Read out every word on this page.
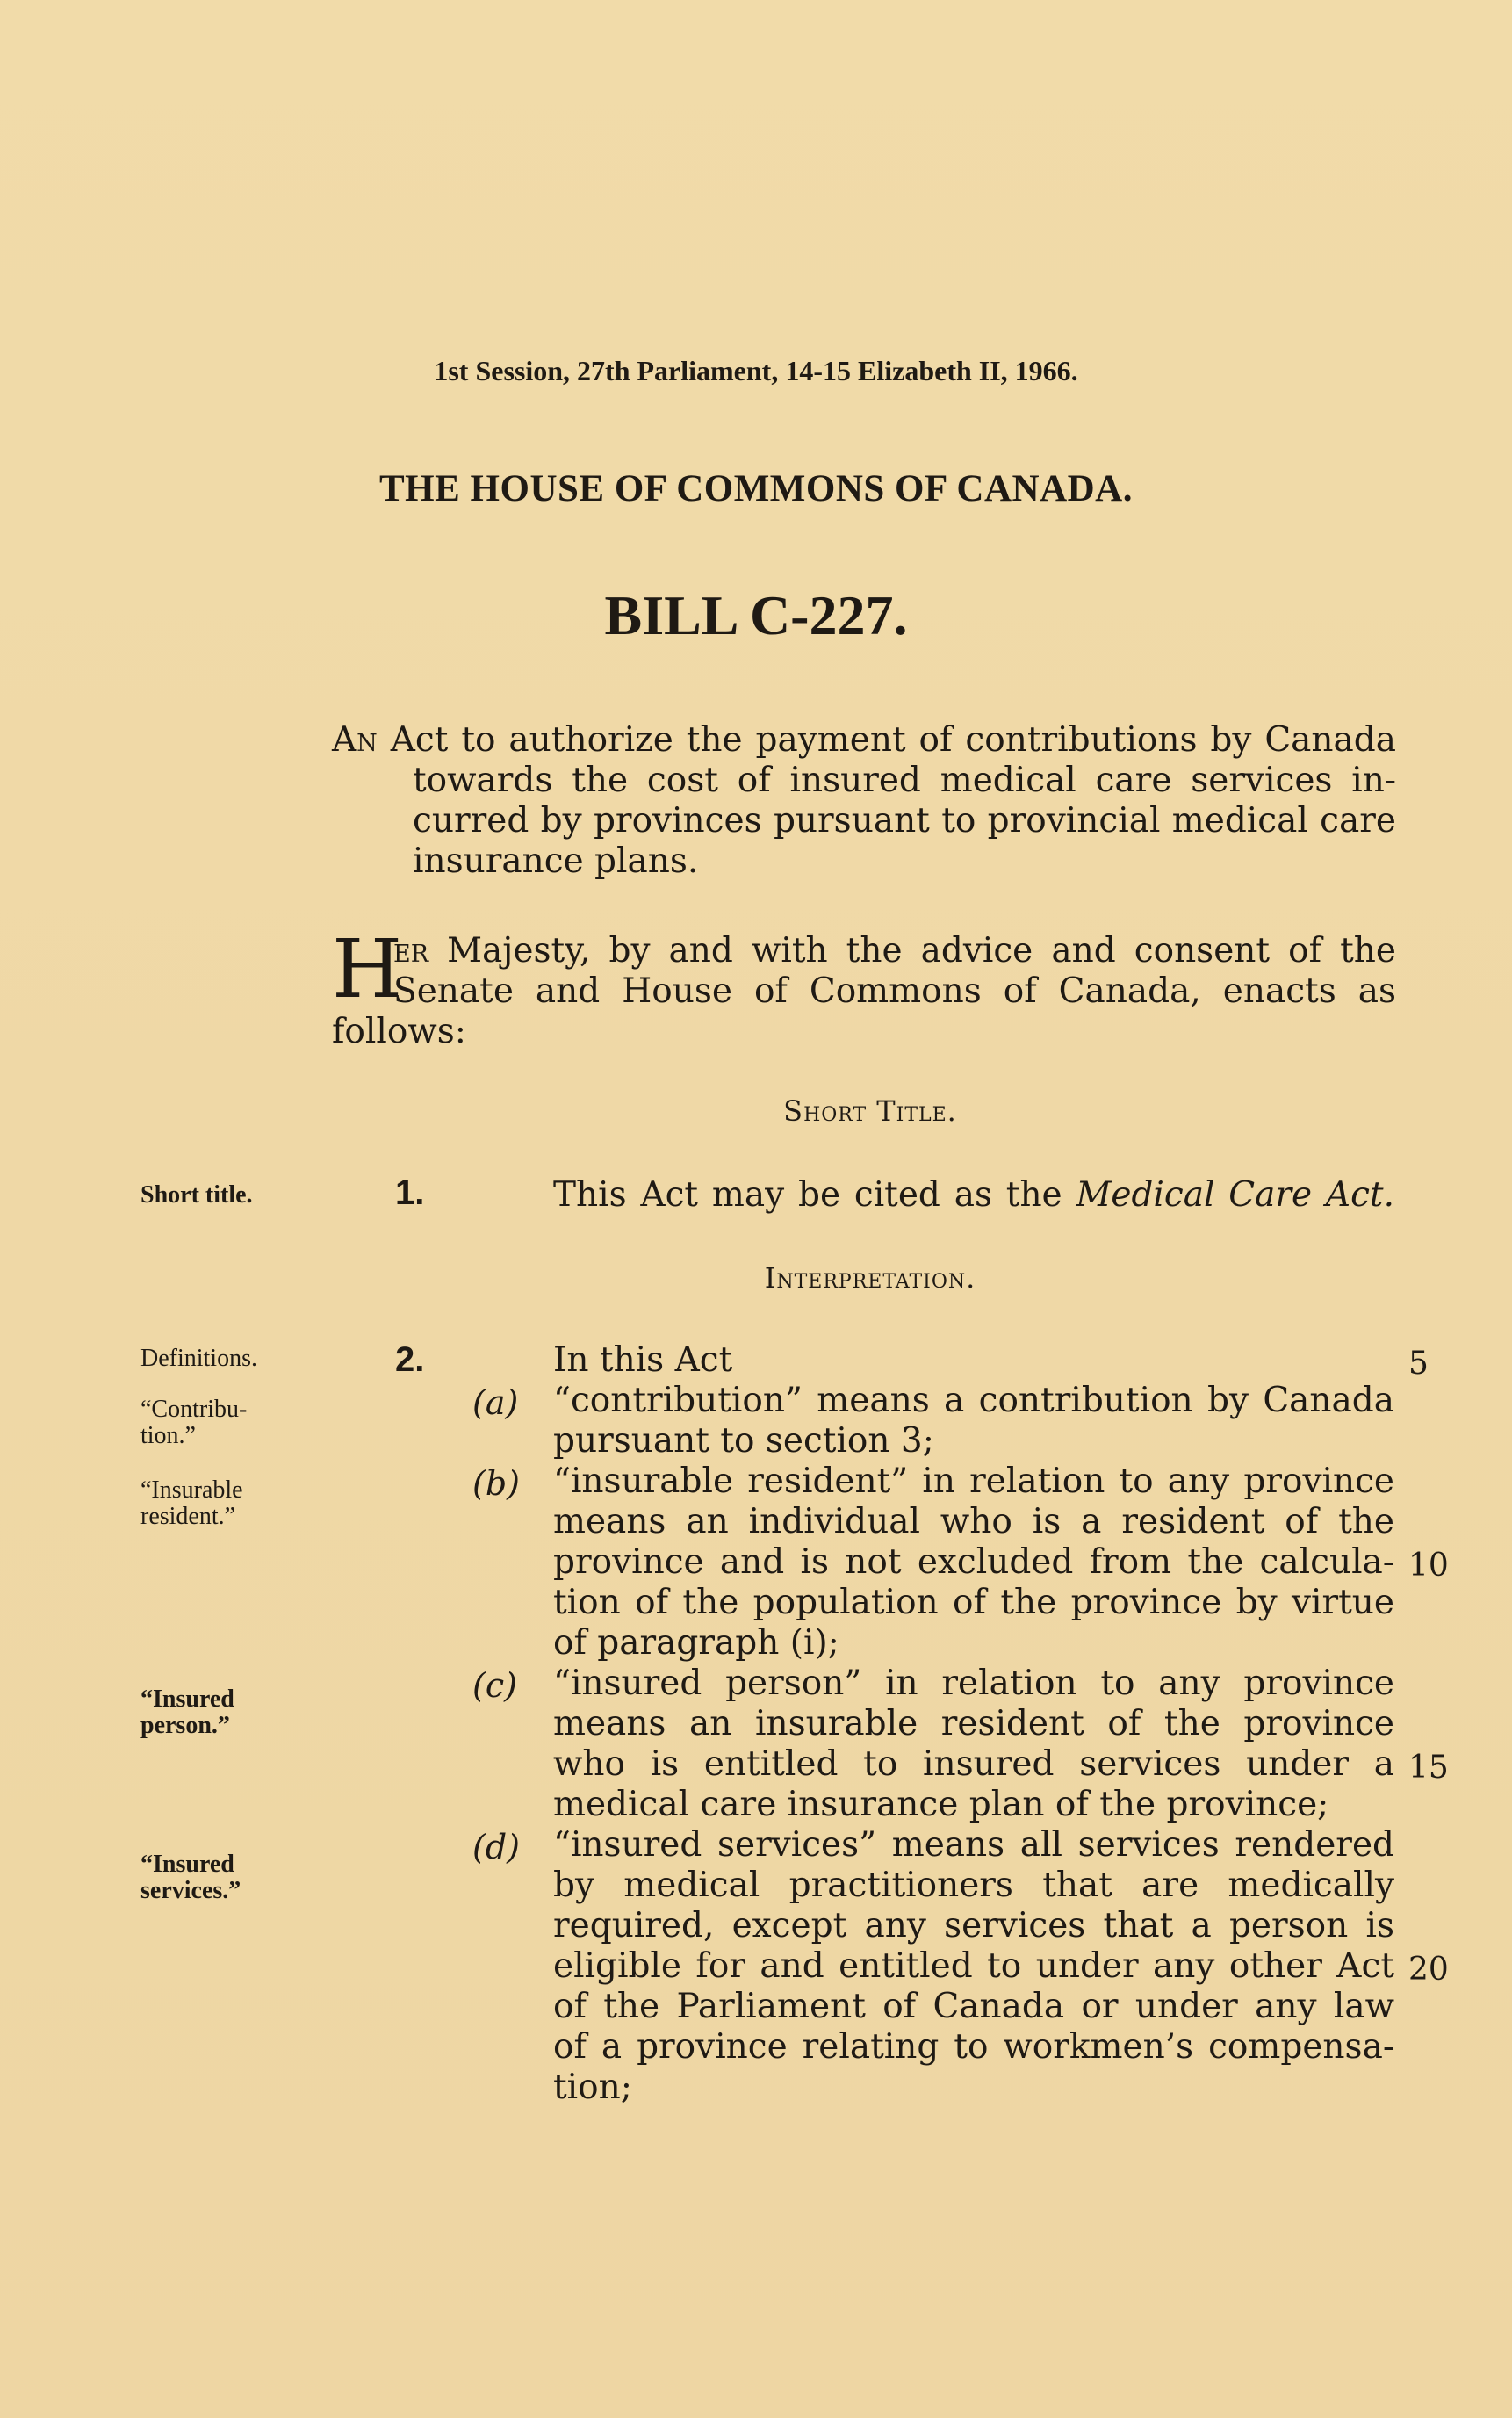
1st Session, 27th Parliament, 14-15 Elizabeth II, 1966.
THE HOUSE OF COMMONS OF CANADA.
BILL C-227.
An Act to authorize the payment of contributions by Canada
towards the cost of insured medical care services in-
curred by provinces pursuant to provincial medical care
insurance plans.
H
er Majesty, by and with the advice and consent of the
Senate and House of Commons of Canada, enacts as
follows:
Short Title.
Short title.	1.	This Act may be cited as the Medical Care Act.
Interpretation.
Definitions.	2.	In this Act	5
“Contribu-
tion.”
(a) “contribution” means a contribution by Canada
pursuant to section 3;
“Insurable
resident.”
(b) “insurable resident” in relation to any province
means an individual who is a resident of the
province and is not excluded from the calcula- 10
tion of the population of the province by virtue
of paragraph (i);
“Insured
person.”
(c) “insured person” in relation to any province
means an insurable resident of the province
who is entitled to insured services under a 15
medical care insurance plan of the province;
“Insured
services.”
(d) “insured services” means all services rendered
by medical practitioners that are medically
required, except any services that a person is
eligible for and entitled to under any other Act 20
of the Parliament of Canada or under any law
of a province relating to workmen’s compensa-
tion;
